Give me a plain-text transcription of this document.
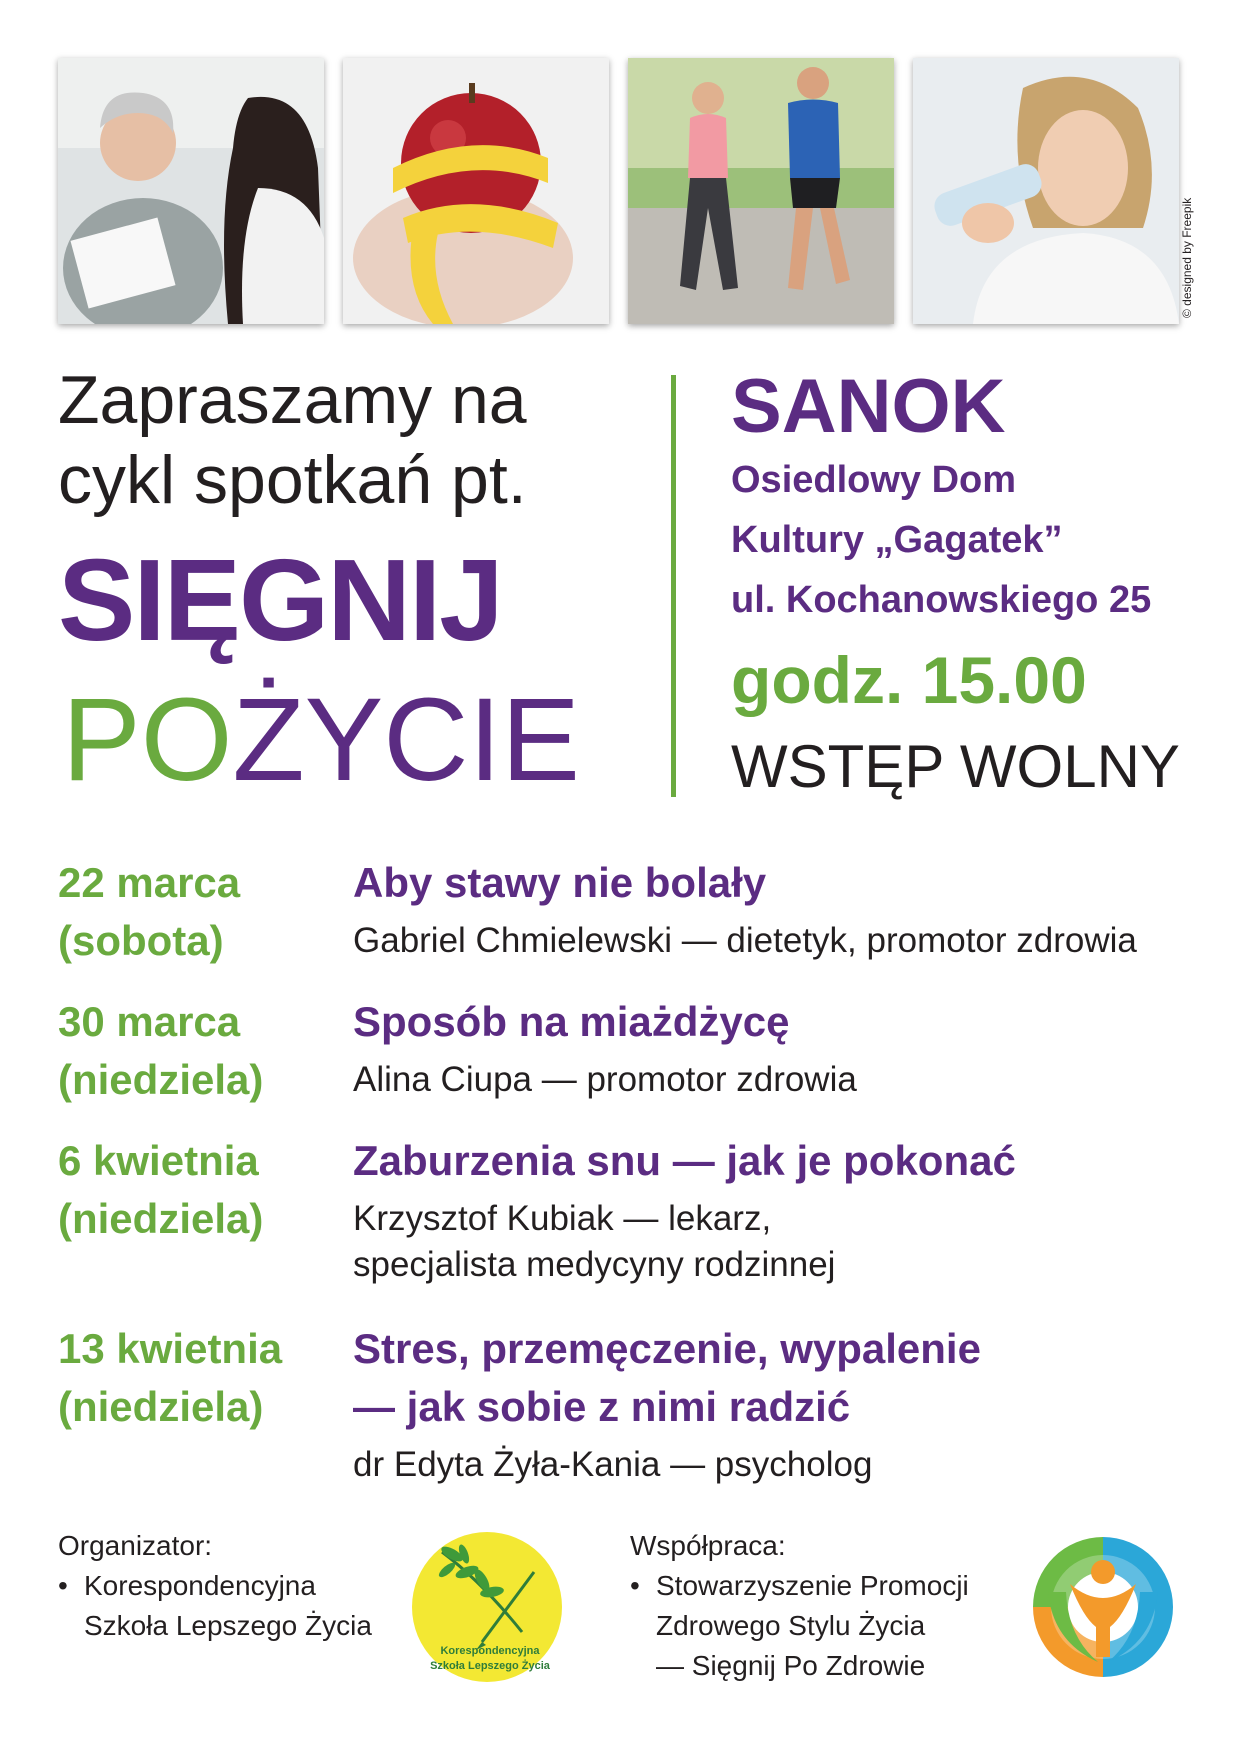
© designed by Freepik
Zapraszamy na
cykl spotkań pt.
SIĘGNIJ
POŻYCIE
SANOK
Osiedlowy Dom
Kultury „Gagatek”
ul. Kochanowskiego 25
godz. 15.00
WSTĘP WOLNY
22 marca
(sobota)
Aby stawy nie bolały
Gabriel Chmielewski — dietetyk, promotor zdrowia
30 marca
(niedziela)
Sposób na miażdżycę
Alina Ciupa — promotor zdrowia
6 kwietnia
(niedziela)
Zaburzenia snu — jak je pokonać
Krzysztof Kubiak — lekarz,
specjalista medycyny rodzinnej
13 kwietnia
(niedziela)
Stres, przemęczenie, wypalenie
— jak sobie z nimi radzić
dr Edyta Żyła-Kania — psycholog
Organizator:
• Korespondencyjna
Szkoła Lepszego Życia
Korespondencyjna
Szkoła Lepszego Życia
Współpraca:
• Stowarzyszenie Promocji
Zdrowego Stylu Życia
— Sięgnij Po Zdrowie
